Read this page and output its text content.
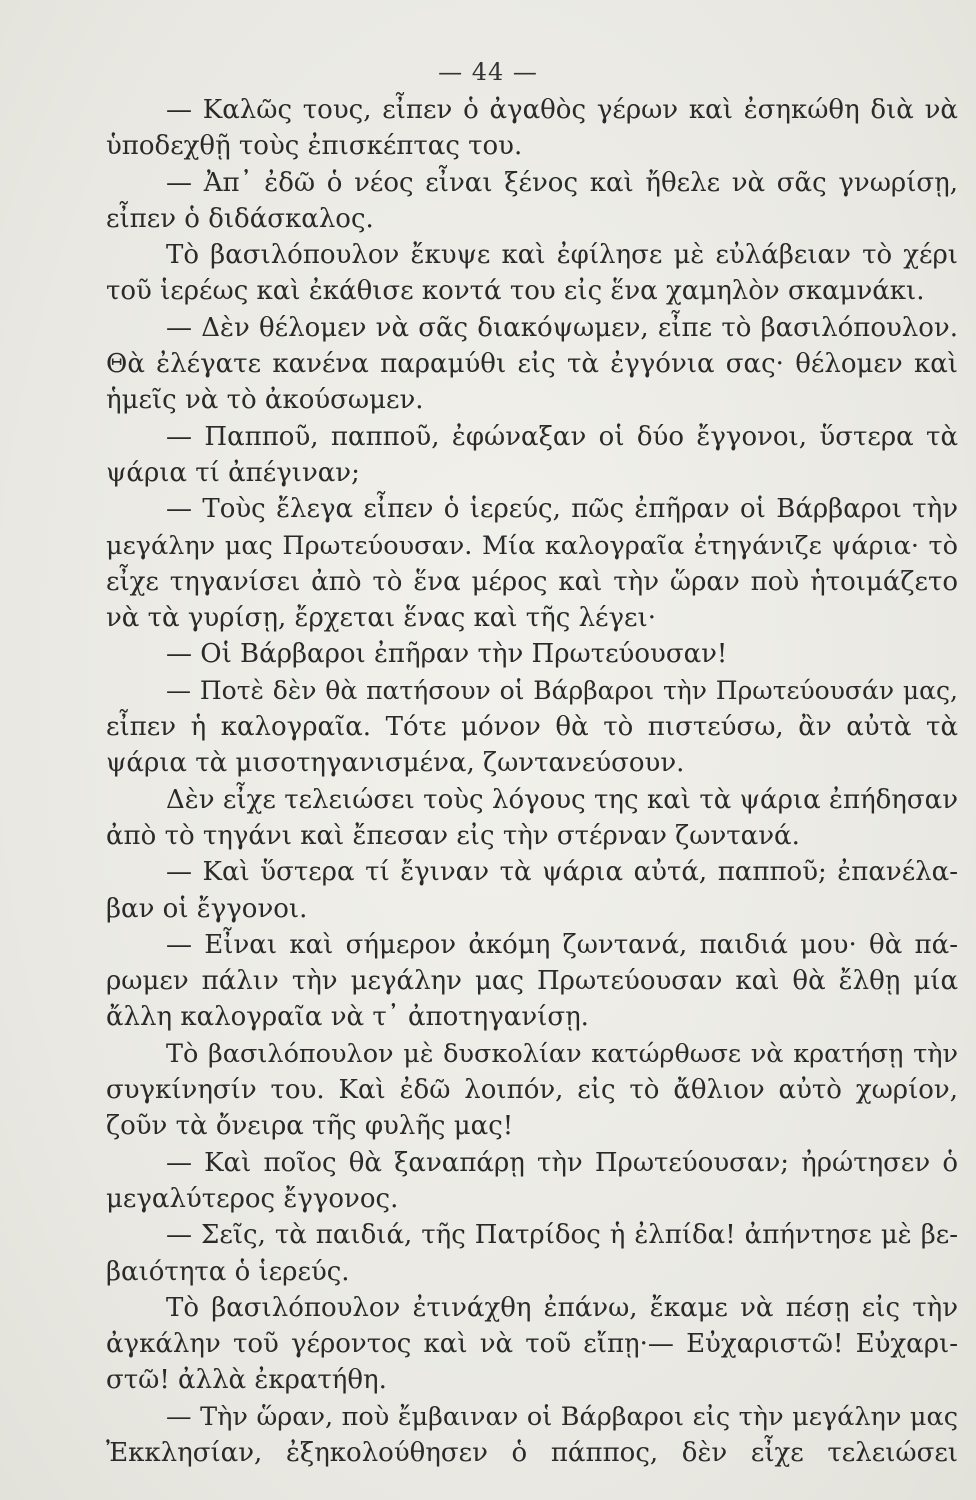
— 44 —
— Καλῶς τους, εἶπεν ὁ ἀγαθὸς γέρων καὶ ἐσηκώθη διὰ νὰ
ὑποδεχθῇ τοὺς ἐπισκέπτας του.
— Ἀπ᾽ ἐδῶ ὁ νέος εἶναι ξένος καὶ ἤθελε νὰ σᾶς γνωρίσῃ,
εἶπεν ὁ διδάσκαλος.
Τὸ βασιλόπουλον ἔκυψε καὶ ἐφίλησε μὲ εὐλάβειαν τὸ χέρι
τοῦ ἱερέως καὶ ἐκάθισε κοντά του εἰς ἕνα χαμηλὸν σκαμνάκι.
— Δὲν θέλομεν νὰ σᾶς διακόψωμεν, εἶπε τὸ βασιλόπουλον.
Θὰ ἐλέγατε κανένα παραμύθι εἰς τὰ ἐγγόνια σας· θέλομεν καὶ
ἡμεῖς νὰ τὸ ἀκούσωμεν.
— Παπποῦ, παπποῦ, ἐφώναξαν οἱ δύο ἔγγονοι, ὕστερα τὰ
ψάρια τί ἀπέγιναν;
— Τοὺς ἔλεγα εἶπεν ὁ ἱερεύς, πῶς ἐπῆραν οἱ Βάρβαροι τὴν
μεγάλην μας Πρωτεύουσαν. Μία καλογραῖα ἐτηγάνιζε ψάρια· τὸ
εἶχε τηγανίσει ἀπὸ τὸ ἕνα μέρος καὶ τὴν ὥραν ποὺ ἡτοιμάζετο
νὰ τὰ γυρίσῃ, ἔρχεται ἕνας καὶ τῆς λέγει·
— Οἱ Βάρβαροι ἐπῆραν τὴν Πρωτεύουσαν!
— Ποτὲ δὲν θὰ πατήσουν οἱ Βάρβαροι τὴν Πρωτεύουσάν μας,
εἶπεν ἡ καλογραῖα. Τότε μόνον θὰ τὸ πιστεύσω, ἂν αὐτὰ τὰ
ψάρια τὰ μισοτηγανισμένα, ζωντανεύσουν.
Δὲν εἶχε τελειώσει τοὺς λόγους της καὶ τὰ ψάρια ἐπήδησαν
ἀπὸ τὸ τηγάνι καὶ ἔπεσαν εἰς τὴν στέρναν ζωντανά.
— Καὶ ὕστερα τί ἔγιναν τὰ ψάρια αὐτά, παπποῦ; ἐπανέλα-
βαν οἱ ἔγγονοι.
— Εἶναι καὶ σήμερον ἀκόμη ζωντανά, παιδιά μου· θὰ πά-
ρωμεν πάλιν τὴν μεγάλην μας Πρωτεύουσαν καὶ θὰ ἔλθῃ μία
ἄλλη καλογραῖα νὰ τ᾽ ἀποτηγανίσῃ.
Τὸ βασιλόπουλον μὲ δυσκολίαν κατώρθωσε νὰ κρατήσῃ τὴν
συγκίνησίν του. Καὶ ἐδῶ λοιπόν, εἰς τὸ ἄθλιον αὐτὸ χωρίον,
ζοῦν τὰ ὄνειρα τῆς φυλῆς μας!
— Καὶ ποῖος θὰ ξαναπάρῃ τὴν Πρωτεύουσαν; ἠρώτησεν ὁ
μεγαλύτερος ἔγγονος.
— Σεῖς, τὰ παιδιά, τῆς Πατρίδος ἡ ἐλπίδα! ἀπήντησε μὲ βε-
βαιότητα ὁ ἱερεύς.
Τὸ βασιλόπουλον ἐτινάχθη ἐπάνω, ἔκαμε νὰ πέσῃ εἰς τὴν
ἀγκάλην τοῦ γέροντος καὶ νὰ τοῦ εἴπῃ·— Εὐχαριστῶ! Εὐχαρι-
στῶ! ἀλλὰ ἐκρατήθη.
— Τὴν ὥραν, ποὺ ἔμβαιναν οἱ Βάρβαροι εἰς τὴν μεγάλην μας
Ἐκκλησίαν, ἐξηκολούθησεν ὁ πάππος, δὲν εἶχε τελειώσει
